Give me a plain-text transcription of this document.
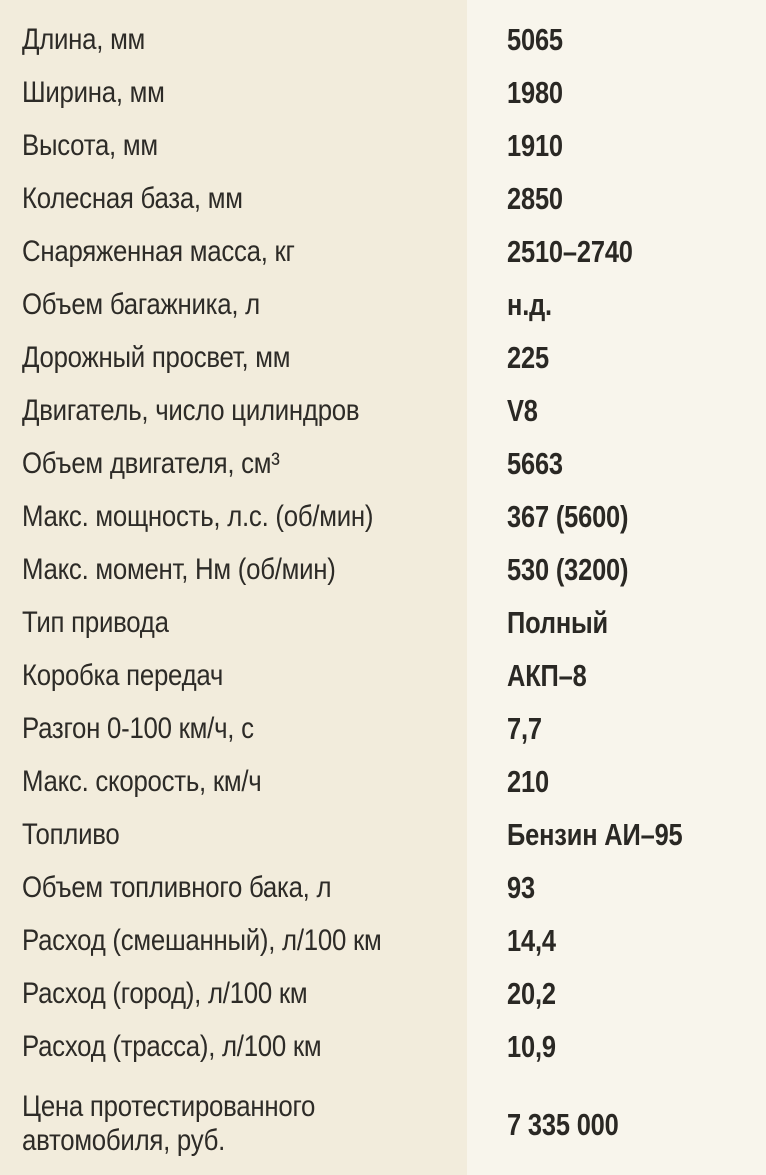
Длина, мм	5065
Ширина, мм	1980
Высота, мм	1910
Колесная база, мм	2850
Снаряженная масса, кг	2510–2740
Объем багажника, л	н.д.
Дорожный просвет, мм	225
Двигатель, число цилиндров	V8
Объем двигателя, см³	5663
Макс. мощность, л.с. (об/мин)	367 (5600)
Макс. момент, Нм (об/мин)	530 (3200)
Тип привода	Полный
Коробка передач	АКП–8
Разгон 0-100 км/ч, с	7,7
Макс. скорость, км/ч	210
Топливо	Бензин АИ–95
Объем топливного бака, л	93
Расход (смешанный), л/100 км	14,4
Расход (город), л/100 км	20,2
Расход (трасса), л/100 км	10,9
Цена протестированного автомобиля, руб.	7 335 000
